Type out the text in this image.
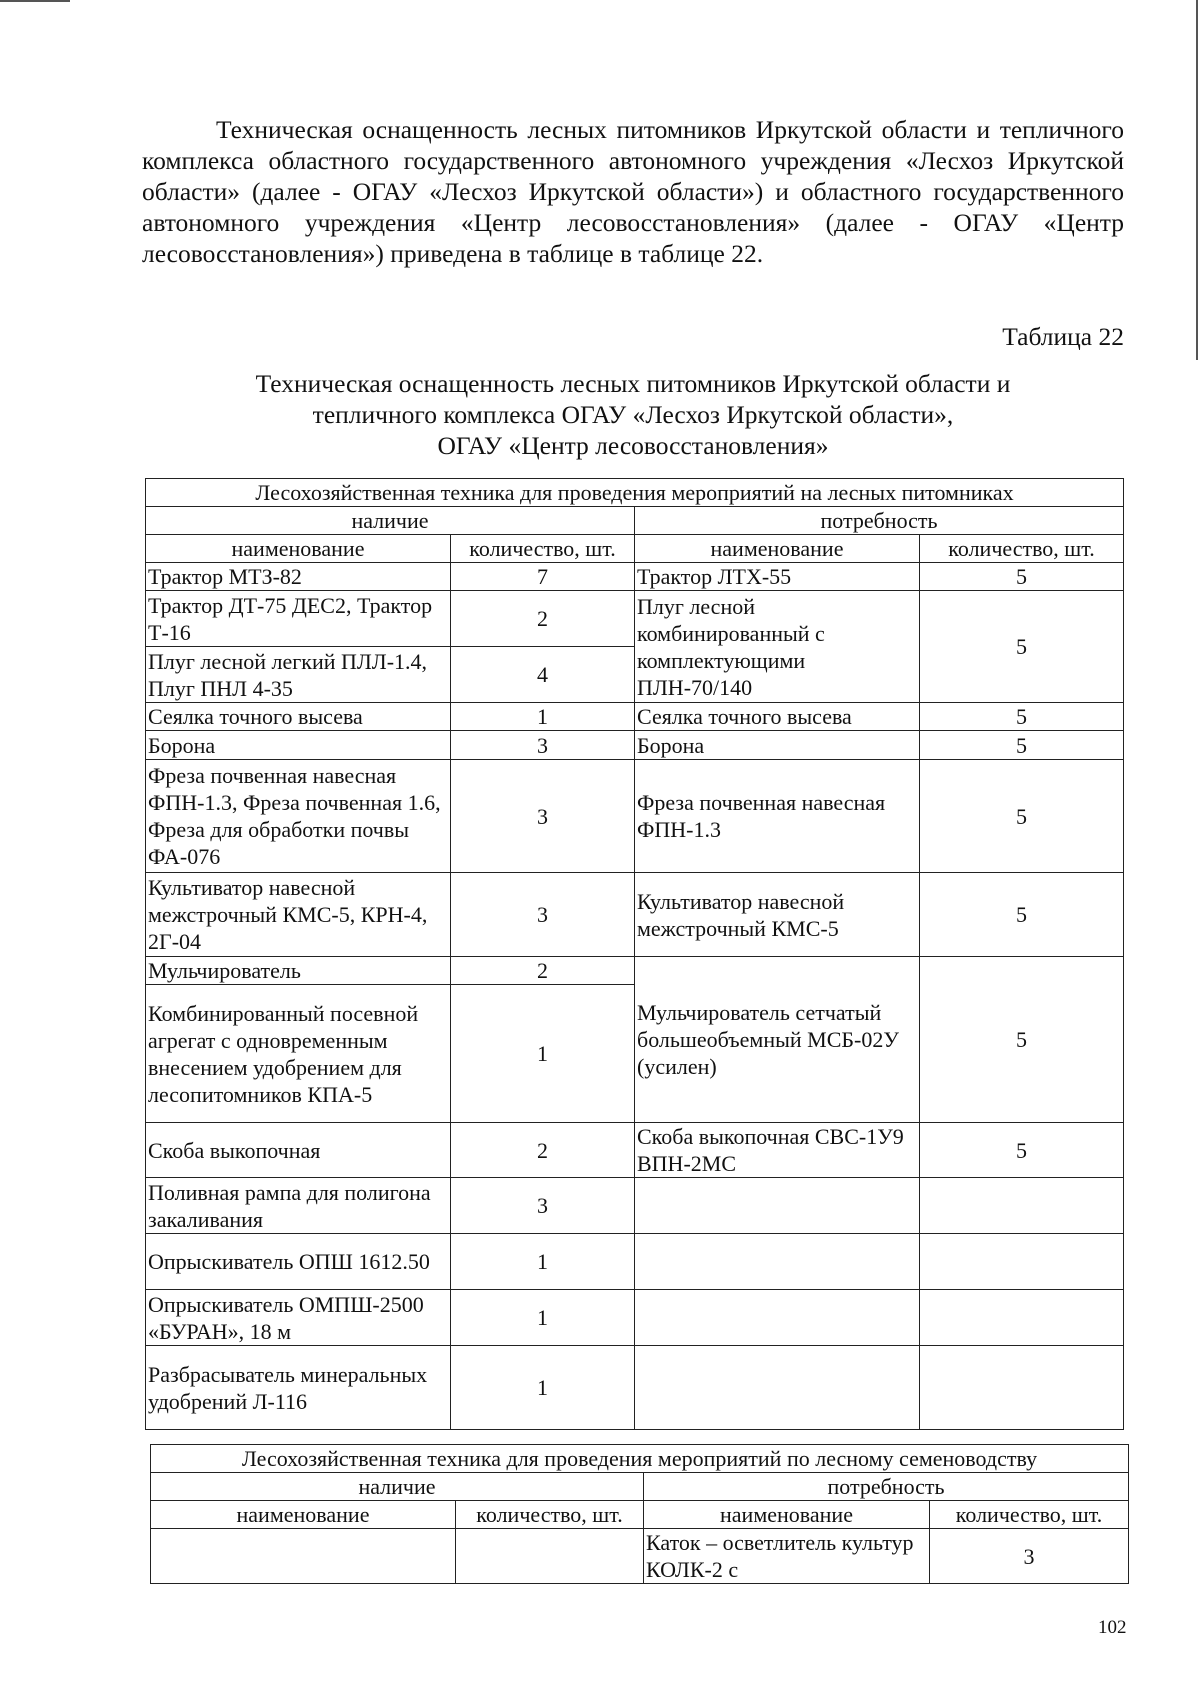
Техническая оснащенность лесных питомников Иркутской области и тепличного комплекса областного государственного автономного учреждения «Лесхоз Иркутской области» (далее - ОГАУ «Лесхоз Иркутской области») и областного государственного автономного учреждения «Центр лесовосстановления» (далее - ОГАУ «Центр лесовосстановления») приведена в таблице в таблице 22.

Таблица 22

Техническая оснащенность лесных питомников Иркутской области и
тепличного комплекса ОГАУ «Лесхоз Иркутской области»,
ОГАУ «Центр лесовосстановления»
Лесохозяйственная техника для проведения мероприятий на лесных питомниках			
наличие		потребность	
наименование	количество, шт.	наименование	количество, шт.
Трактор МТЗ-82	7	Трактор ЛТХ-55	5
Трактор ДТ-75 ДЕС2, Трактор Т-16	2	Плуг лесной комбинированный с комплектующими ПЛН-70/140	5
Плуг лесной легкий ПЛЛ-1.4, Плуг ПНЛ 4-35	4		
Сеялка точного высева	1	Сеялка точного высева	5
Борона	3	Борона	5
Фреза почвенная навесная ФПН-1.3, Фреза почвенная 1.6, Фреза для обработки почвы ФА-076	3	Фреза почвенная навесная ФПН-1.3	5
Культиватор навесной межстрочный КМС-5, КРН-4, 2Г-04	3	Культиватор навесной межстрочный КМС-5	5
Мульчирователь	2	Мульчирователь сетчатый большеобъемный МСБ-02У (усилен)	5
Комбинированный посевной агрегат с одновременным внесением удобрением для лесопитомников КПА-5	1		
Скоба выкопочная	2	Скоба выкопочная СВС-1У9 ВПН-2МС	5
Поливная рампа для полигона закаливания	3		
Опрыскиватель ОПШ 1612.50	1		
Опрыскиватель ОМПШ-2500 «БУРАН», 18 м	1		
Разбрасыватель минеральных удобрений Л-116	1		
Лесохозяйственная техника для проведения мероприятий по лесному семеноводству			
наличие		потребность	
наименование	количество, шт.	наименование	количество, шт.
		Каток – осветлитель культур КОЛК-2 с	3

102
